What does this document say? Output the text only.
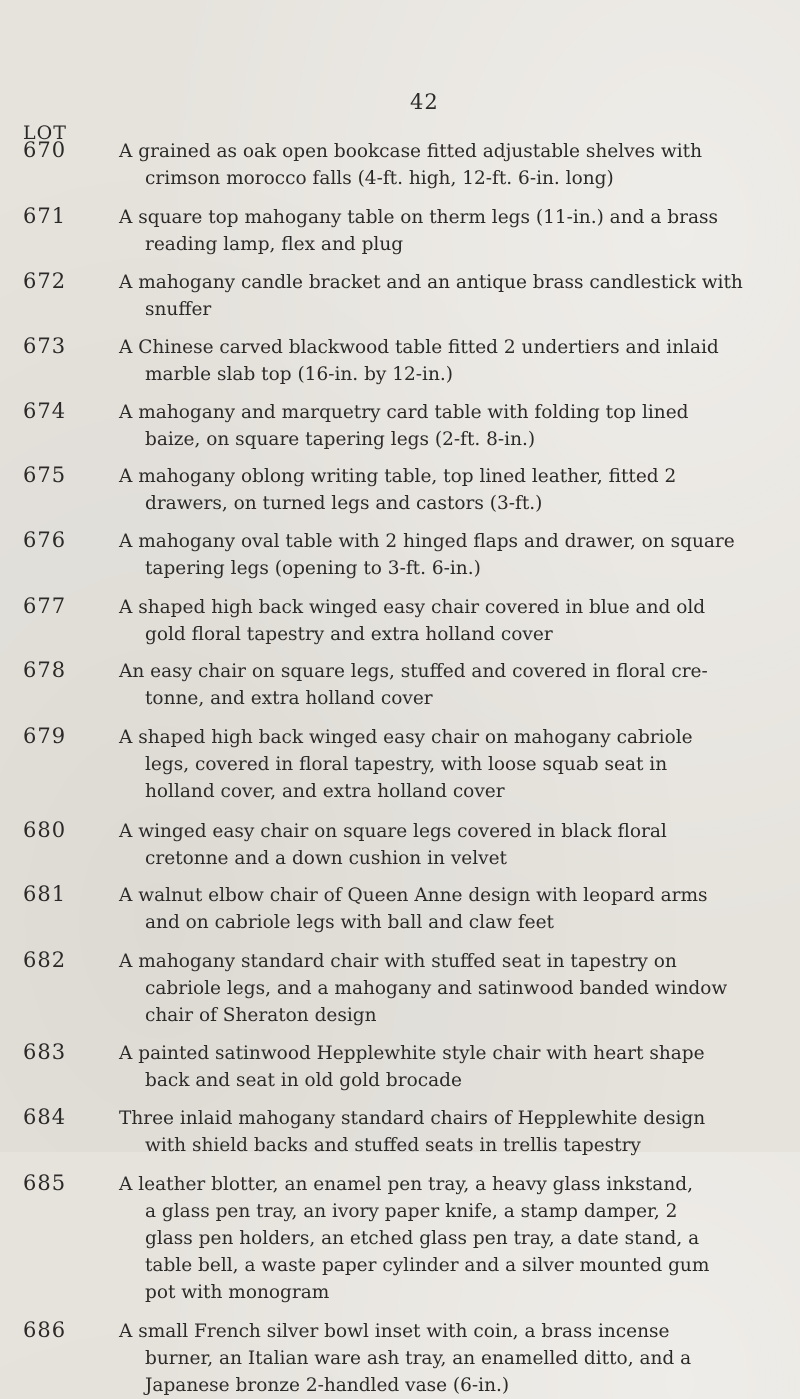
42
LOT
670	A grained as oak open bookcase fitted adjustable shelves with
crimson morocco falls (4-ft. high, 12-ft. 6-in. long)
671	A square top mahogany table on therm legs (11-in.) and a brass
reading lamp, flex and plug
672	A mahogany candle bracket and an antique brass candlestick with
snuffer
673	A Chinese carved blackwood table fitted 2 undertiers and inlaid
marble slab top (16-in. by 12-in.)
674	A mahogany and marquetry card table with folding top lined
baize, on square tapering legs (2-ft. 8-in.)
675	A mahogany oblong writing table, top lined leather, fitted 2
drawers, on turned legs and castors (3-ft.)
676	A mahogany oval table with 2 hinged flaps and drawer, on square
tapering legs (opening to 3-ft. 6-in.)
677	A shaped high back winged easy chair covered in blue and old
gold floral tapestry and extra holland cover
678	An easy chair on square legs, stuffed and covered in floral cre-
tonne, and extra holland cover
679	A shaped high back winged easy chair on mahogany cabriole
legs, covered in floral tapestry, with loose squab seat in
holland cover, and extra holland cover
680	A winged easy chair on square legs covered in black floral
cretonne and a down cushion in velvet
681	A walnut elbow chair of Queen Anne design with leopard arms
and on cabriole legs with ball and claw feet
682	A mahogany standard chair with stuffed seat in tapestry on
cabriole legs, and a mahogany and satinwood banded window
chair of Sheraton design
683	A painted satinwood Hepplewhite style chair with heart shape
back and seat in old gold brocade
684	Three inlaid mahogany standard chairs of Hepplewhite design
with shield backs and stuffed seats in trellis tapestry
685	A leather blotter, an enamel pen tray, a heavy glass inkstand,
a glass pen tray, an ivory paper knife, a stamp damper, 2
glass pen holders, an etched glass pen tray, a date stand, a
table bell, a waste paper cylinder and a silver mounted gum
pot with monogram
686	A small French silver bowl inset with coin, a brass incense
burner, an Italian ware ash tray, an enamelled ditto, and a
Japanese bronze 2-handled vase (6-in.)
